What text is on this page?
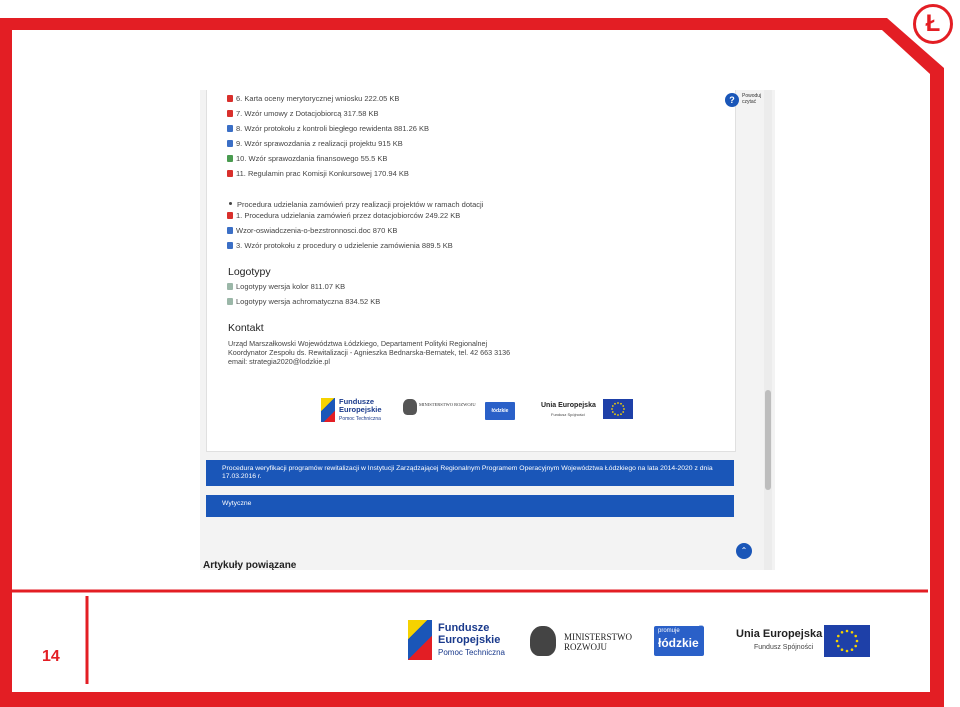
Ł
6. Karta oceny merytorycznej wniosku 222.05 KB
7. Wzór umowy z Dotacjobiorcą 317.58 KB
8. Wzór protokołu z kontroli biegłego rewidenta 881.26 KB
9. Wzór sprawozdania z realizacji projektu 915 KB
10. Wzór sprawozdania finansowego 55.5 KB
11. Regulamin prac Komisji Konkursowej 170.94 KB
Procedura udzielania zamówień przy realizacji projektów w ramach dotacji
1. Procedura udzielania zamówień przez dotacjobiorców 249.22 KB
Wzor-oswiadczenia-o-bezstronnosci.doc 870 KB
3. Wzór protokołu z procedury o udzielenie zamówienia 889.5 KB
Logotypy
Logotypy wersja kolor 811.07 KB
Logotypy wersja achromatyczna 834.52 KB
Kontakt
Urząd Marszałkowski Województwa Łódzkiego, Departament Polityki Regionalnej
Koordynator Zespołu ds. Rewitalizacji - Agnieszka Bednarska-Bernatek, tel. 42 663 3136
email: strategia2020@lodzkie.pl
Fundusze Europejskie
Pomoc Techniczna
MINISTERSTWO ROZWOJU
łódzkie
Unia Europejska
Fundusz Spójności
?	Powoduj czytać
Procedura weryfikacji programów rewitalizacji w Instytucji Zarządzającej Regionalnym Programem Operacyjnym Województwa Łódzkiego na lata 2014-2020 z dnia 17.03.2016 r.
Wytyczne
⌃
Artykuły powiązane
14
Fundusze Europejskie
Pomoc Techniczna
MINISTERSTWO ROZWOJU
promuje
łódzkie
®	Unia Europejska
Fundusz Spójności
